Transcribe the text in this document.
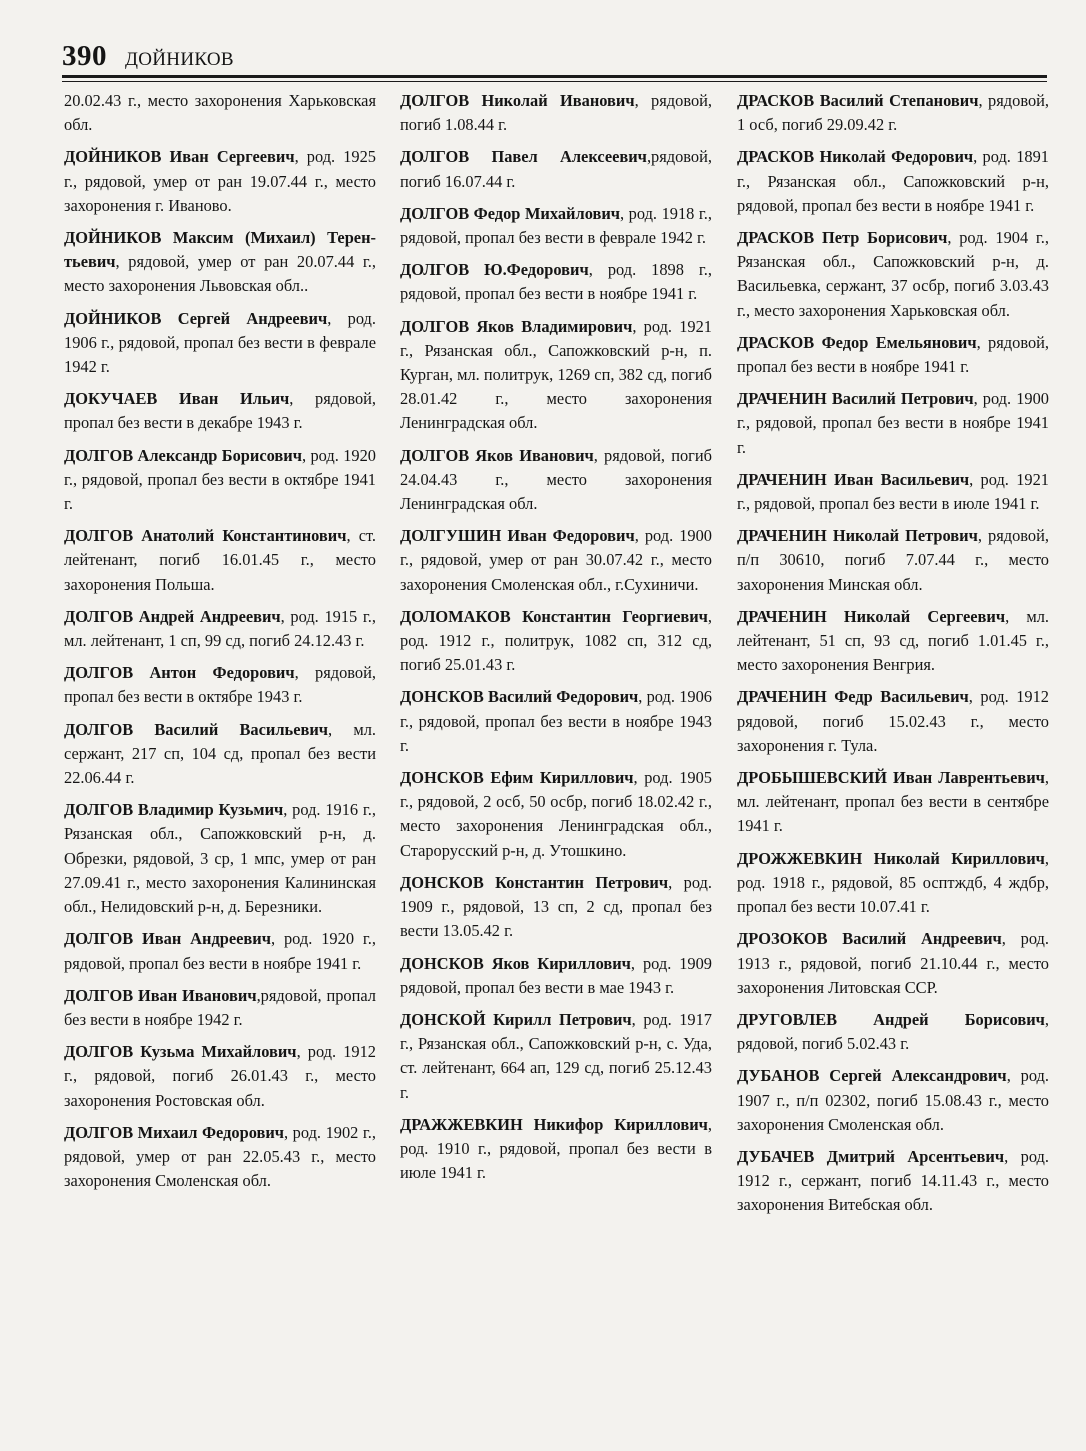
390 ДОЙНИКОВ

20.02.43 г., место захоронения Харьковская обл.

ДОЙНИКОВ Иван Сергеевич, род. 1925 г., рядовой, умер от ран 19.07.44 г., место захоронения г. Иваново.

ДОЙНИКОВ Максим (Михаил) Терентьевич, рядовой, умер от ран 20.07.44 г., место захоронения Львовская обл..

ДОЙНИКОВ Сергей Андреевич, род. 1906 г., рядовой, пропал без вести в феврале 1942 г.

ДОКУЧАЕВ Иван Ильич, рядовой, пропал без вести в декабре 1943 г.

ДОЛГОВ Александр Борисович, род. 1920 г., рядовой, пропал без вести в октябре 1941 г.

ДОЛГОВ Анатолий Константинович, ст. лейтенант, погиб 16.01.45 г., место захоронения Польша.

ДОЛГОВ Андрей Андреевич, род. 1915 г., мл. лейтенант, 1 сп, 99 сд, погиб 24.12.43 г.

ДОЛГОВ Антон Федорович, рядовой, пропал без вести в октябре 1943 г.

ДОЛГОВ Василий Васильевич, мл. сержант, 217 сп, 104 сд, пропал без вести 22.06.44 г.

ДОЛГОВ Владимир Кузьмич, род. 1916 г., Рязанская обл., Сапожковский р-н, д. Обрезки, рядовой, 3 ср, 1 мпс, умер от ран 27.09.41 г., место захоронения Калининская обл., Нелидовский р-н, д. Березники.

ДОЛГОВ Иван Андреевич, род. 1920 г., рядовой, пропал без вести в ноябре 1941 г.

ДОЛГОВ Иван Иванович,рядовой, пропал без вести в ноябре 1942 г.

ДОЛГОВ Кузьма Михайлович, род. 1912 г., рядовой, погиб 26.01.43 г., место захоронения Ростовская обл.

ДОЛГОВ Михаил Федорович, род. 1902 г., рядовой, умер от ран 22.05.43 г., место захоронения Смоленская обл.

ДОЛГОВ Николай Иванович, рядовой, погиб 1.08.44 г.

ДОЛГОВ Павел Алексеевич,рядовой, погиб 16.07.44 г.

ДОЛГОВ Федор Михайлович, род. 1918 г., рядовой, пропал без вести в феврале 1942 г.

ДОЛГОВ Ю.Федорович, род. 1898 г., рядовой, пропал без вести в ноябре 1941 г.

ДОЛГОВ Яков Владимирович, род. 1921 г., Рязанская обл., Сапожковский р-н, п. Курган, мл. политрук, 1269 сп, 382 сд, погиб 28.01.42 г., место захоронения Ленинградская обл.

ДОЛГОВ Яков Иванович, рядовой, погиб 24.04.43 г., место захоронения Ленинградская обл.

ДОЛГУШИН Иван Федорович, род. 1900 г., рядовой, умер от ран 30.07.42 г., место захоронения Смоленская обл., г.Сухиничи.

ДОЛОМАКОВ Константин Георгиевич, род. 1912 г., политрук, 1082 сп, 312 сд, погиб 25.01.43 г.

ДОНСКОВ Василий Федорович, род. 1906 г., рядовой, пропал без вести в ноябре 1943 г.

ДОНСКОВ Ефим Кириллович, род. 1905 г., рядовой, 2 осб, 50 осбр, погиб 18.02.42 г., место захоронения Ленинградская обл., Старорусский р-н, д. Утошкино.

ДОНСКОВ Константин Петрович, род. 1909 г., рядовой, 13 сп, 2 сд, пропал без вести 13.05.42 г.

ДОНСКОВ Яков Кириллович, род. 1909 рядовой, пропал без вести в мае 1943 г.

ДОНСКОЙ Кирилл Петрович, род. 1917 г., Рязанская обл., Сапожковский р-н, с. Уда, ст. лейтенант, 664 ап, 129 сд, погиб 25.12.43 г.

ДРАЖЖЕВКИН Никифор Кириллович, род. 1910 г., рядовой, пропал без вести в июле 1941 г.

ДРАСКОВ Василий Степанович, рядовой, 1 осб, погиб 29.09.42 г.

ДРАСКОВ Николай Федорович, род. 1891 г., Рязанская обл., Сапожковский р-н, рядовой, пропал без вести в ноябре 1941 г.

ДРАСКОВ Петр Борисович, род. 1904 г., Рязанская обл., Сапожковский р-н, д. Васильевка, сержант, 37 осбр, погиб 3.03.43 г., место захоронения Харьковская обл.

ДРАСКОВ Федор Емельянович, рядовой, пропал без вести в ноябре 1941 г.

ДРАЧЕНИН Василий Петрович, род. 1900 г., рядовой, пропал без вести в ноябре 1941 г.

ДРАЧЕНИН Иван Васильевич, род. 1921 г., рядовой, пропал без вести в июле 1941 г.

ДРАЧЕНИН Николай Петрович, рядовой, п/п 30610, погиб 7.07.44 г., место захоронения Минская обл.

ДРАЧЕНИН Николай Сергеевич, мл. лейтенант, 51 сп, 93 сд, погиб 1.01.45 г., место захоронения Венгрия.

ДРАЧЕНИН Федр Васильевич, род. 1912 рядовой, погиб 15.02.43 г., место захоронения г. Тула.

ДРОБЫШЕВСКИЙ Иван Лаврентьевич, мл. лейтенант, пропал без вести в сентябре 1941 г.

ДРОЖЖЕВКИН Николай Кириллович, род. 1918 г., рядовой, 85 осптждб, 4 ждбр, пропал без вести 10.07.41 г.

ДРОЗОКОВ Василий Андреевич, род. 1913 г., рядовой, погиб 21.10.44 г., место захоронения Литовская ССР.

ДРУГОВЛЕВ Андрей Борисович, рядовой, погиб 5.02.43 г.

ДУБАНОВ Сергей Александрович, род. 1907 г., п/п 02302, погиб 15.08.43 г., место захоронения Смоленская обл.

ДУБАЧЕВ Дмитрий Арсентьевич, род. 1912 г., сержант, погиб 14.11.43 г., место захоронения Витебская обл.
